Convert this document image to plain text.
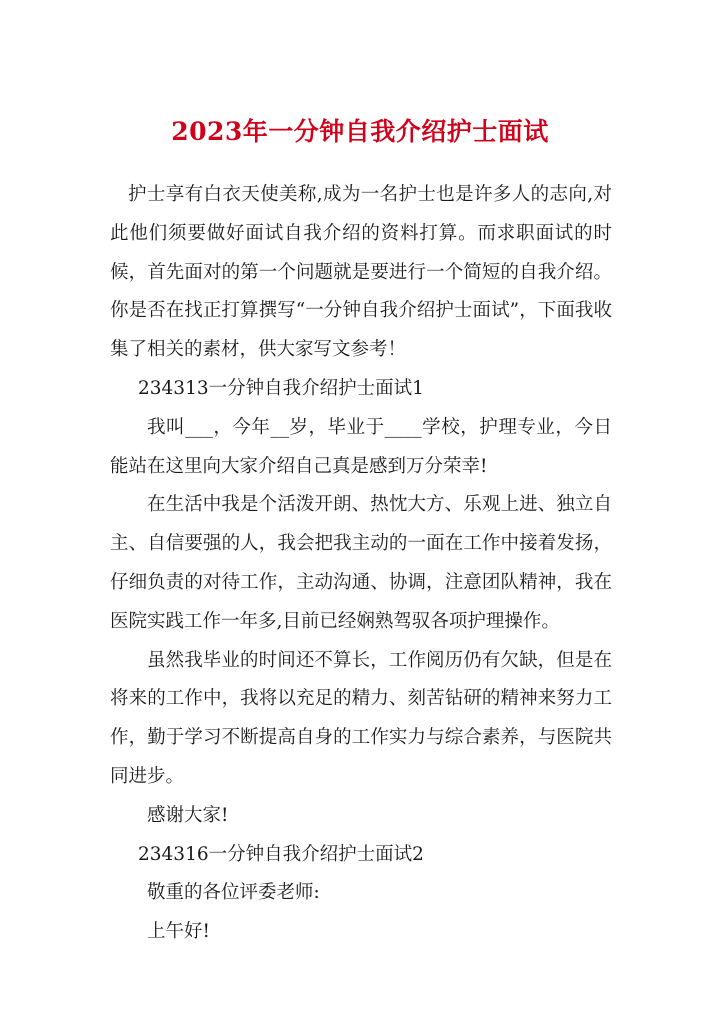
2023年一分钟自我介绍护士面试

护士享有白衣天使美称,成为一名护士也是许多人的志向,对此他们须要做好面试自我介绍的资料打算。而求职面试的时候，首先面对的第一个问题就是要进行一个简短的自我介绍。你是否在找正打算撰写“一分钟自我介绍护士面试”，下面我收集了相关的素材，供大家写文参考！

234313一分钟自我介绍护士面试1

我叫___，今年__岁，毕业于____学校，护理专业，今日能站在这里向大家介绍自己真是感到万分荣幸!

在生活中我是个活泼开朗、热忱大方、乐观上进、独立自主、自信要强的人，我会把我主动的一面在工作中接着发扬，仔细负责的对待工作，主动沟通、协调，注意团队精神，我在医院实践工作一年多,目前已经娴熟驾驭各项护理操作。

虽然我毕业的时间还不算长，工作阅历仍有欠缺，但是在将来的工作中，我将以充足的精力、刻苦钻研的精神来努力工作，勤于学习不断提高自身的工作实力与综合素养，与医院共同进步。

感谢大家!

234316一分钟自我介绍护士面试2

敬重的各位评委老师:

上午好!
